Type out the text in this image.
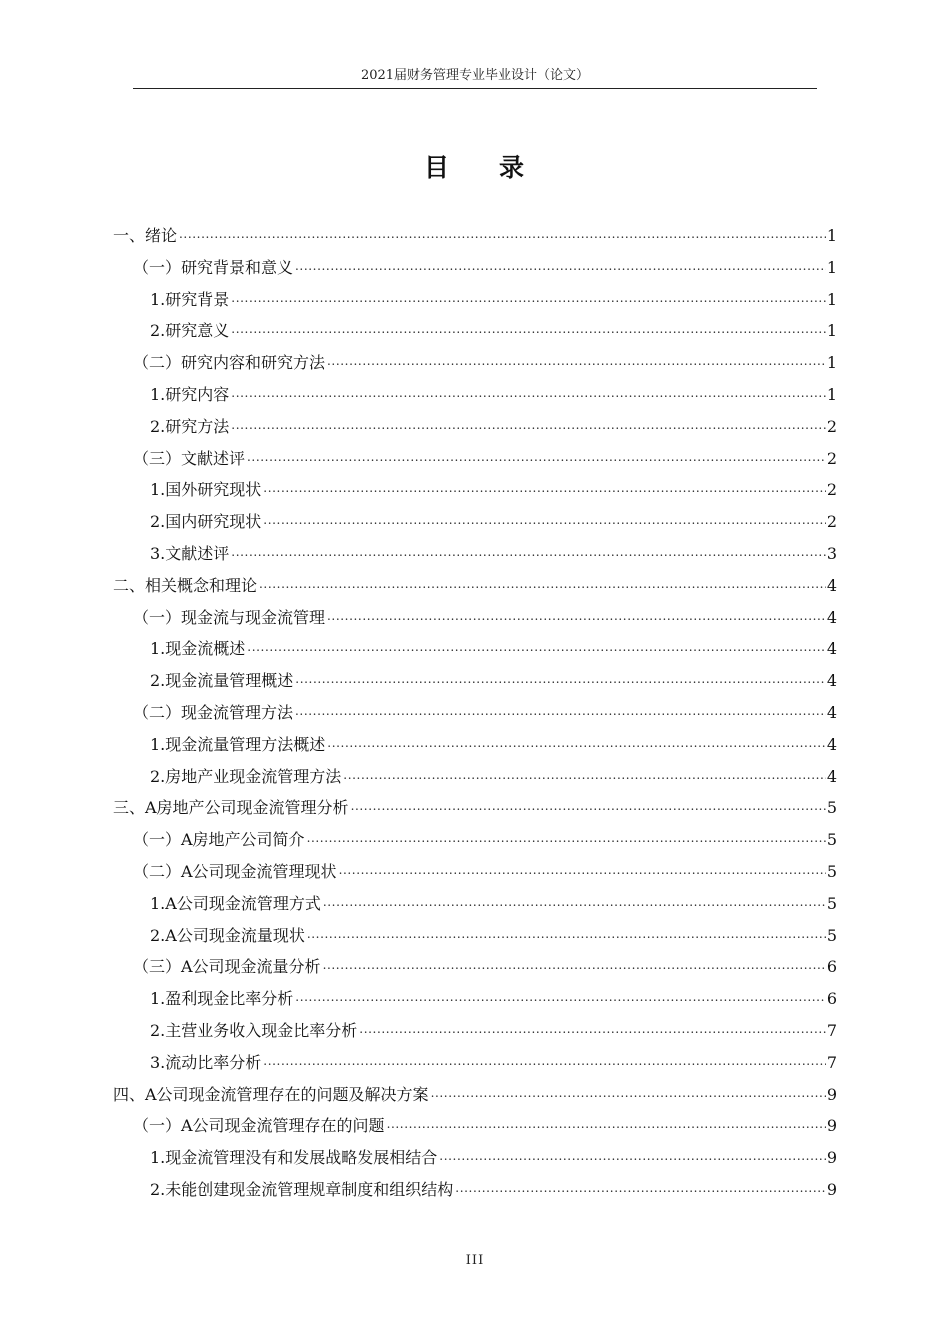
2021届财务管理专业毕业设计（论文）
目 录
一、绪论 .....	1
（一）研究背景和意义 .....	1
1.研究背景 .....	1
2.研究意义 .....	1
（二）研究内容和研究方法 .....	1
1.研究内容 .....	1
2.研究方法 .....	2
（三）文献述评 .....	2
1.国外研究现状 .....	2
2.国内研究现状 .....	2
3.文献述评 .....	3
二、相关概念和理论 .....	4
（一）现金流与现金流管理 .....	4
1.现金流概述 .....	4
2.现金流量管理概述 .....	4
（二）现金流管理方法 .....	4
1.现金流量管理方法概述 .....	4
2.房地产业现金流管理方法 .....	4
三、A房地产公司现金流管理分析 .....	5
（一）A房地产公司简介 .....	5
（二）A公司现金流管理现状 .....	5
1.A公司现金流管理方式 .....	5
2.A公司现金流量现状 .....	5
（三）A公司现金流量分析 .....	6
1.盈利现金比率分析 .....	6
2.主营业务收入现金比率分析 .....	7
3.流动比率分析 .....	7
四、A公司现金流管理存在的问题及解决方案 .....	9
（一）A公司现金流管理存在的问题 .....	9
1.现金流管理没有和发展战略发展相结合 .....	9
2.未能创建现金流管理规章制度和组织结构 .....	9
III
